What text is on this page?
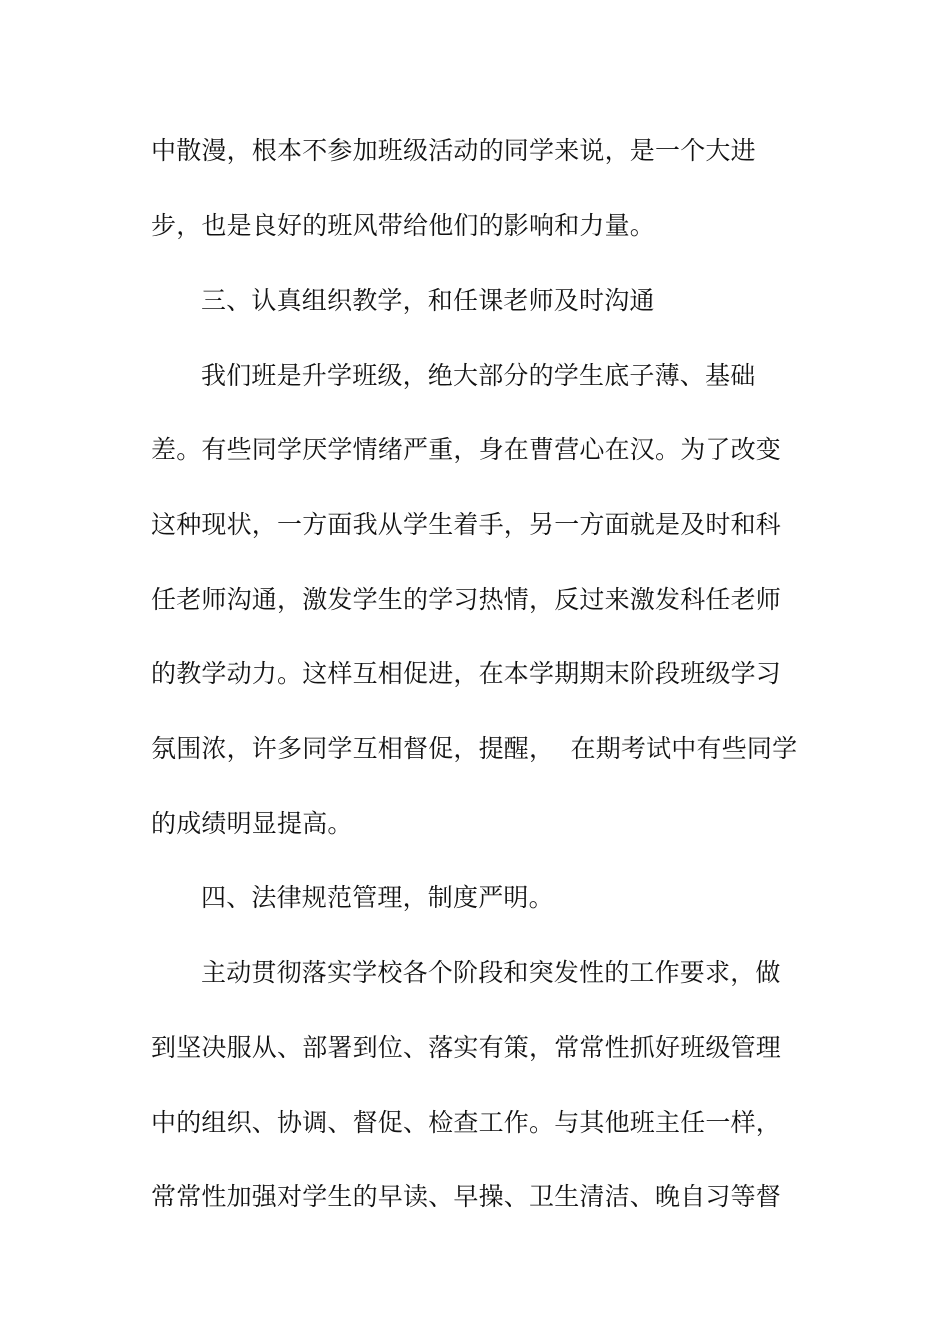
中散漫，根本不参加班级活动的同学来说，是一个大进
步，也是良好的班风带给他们的影响和力量。
三、认真组织教学，和任课老师及时沟通
我们班是升学班级，绝大部分的学生底子薄、基础
差。有些同学厌学情绪严重，身在曹营心在汉。为了改变
这种现状，一方面我从学生着手，另一方面就是及时和科
任老师沟通，激发学生的学习热情，反过来激发科任老师
的教学动力。这样互相促进，在本学期期末阶段班级学习
氛围浓，许多同学互相督促，提醒，  在期考试中有些同学
的成绩明显提高。
四、法律规范管理，制度严明。
主动贯彻落实学校各个阶段和突发性的工作要求，做
到坚决服从、部署到位、落实有策，常常性抓好班级管理
中的组织、协调、督促、检查工作。与其他班主任一样，
常常性加强对学生的早读、早操、卫生清洁、晚自习等督
